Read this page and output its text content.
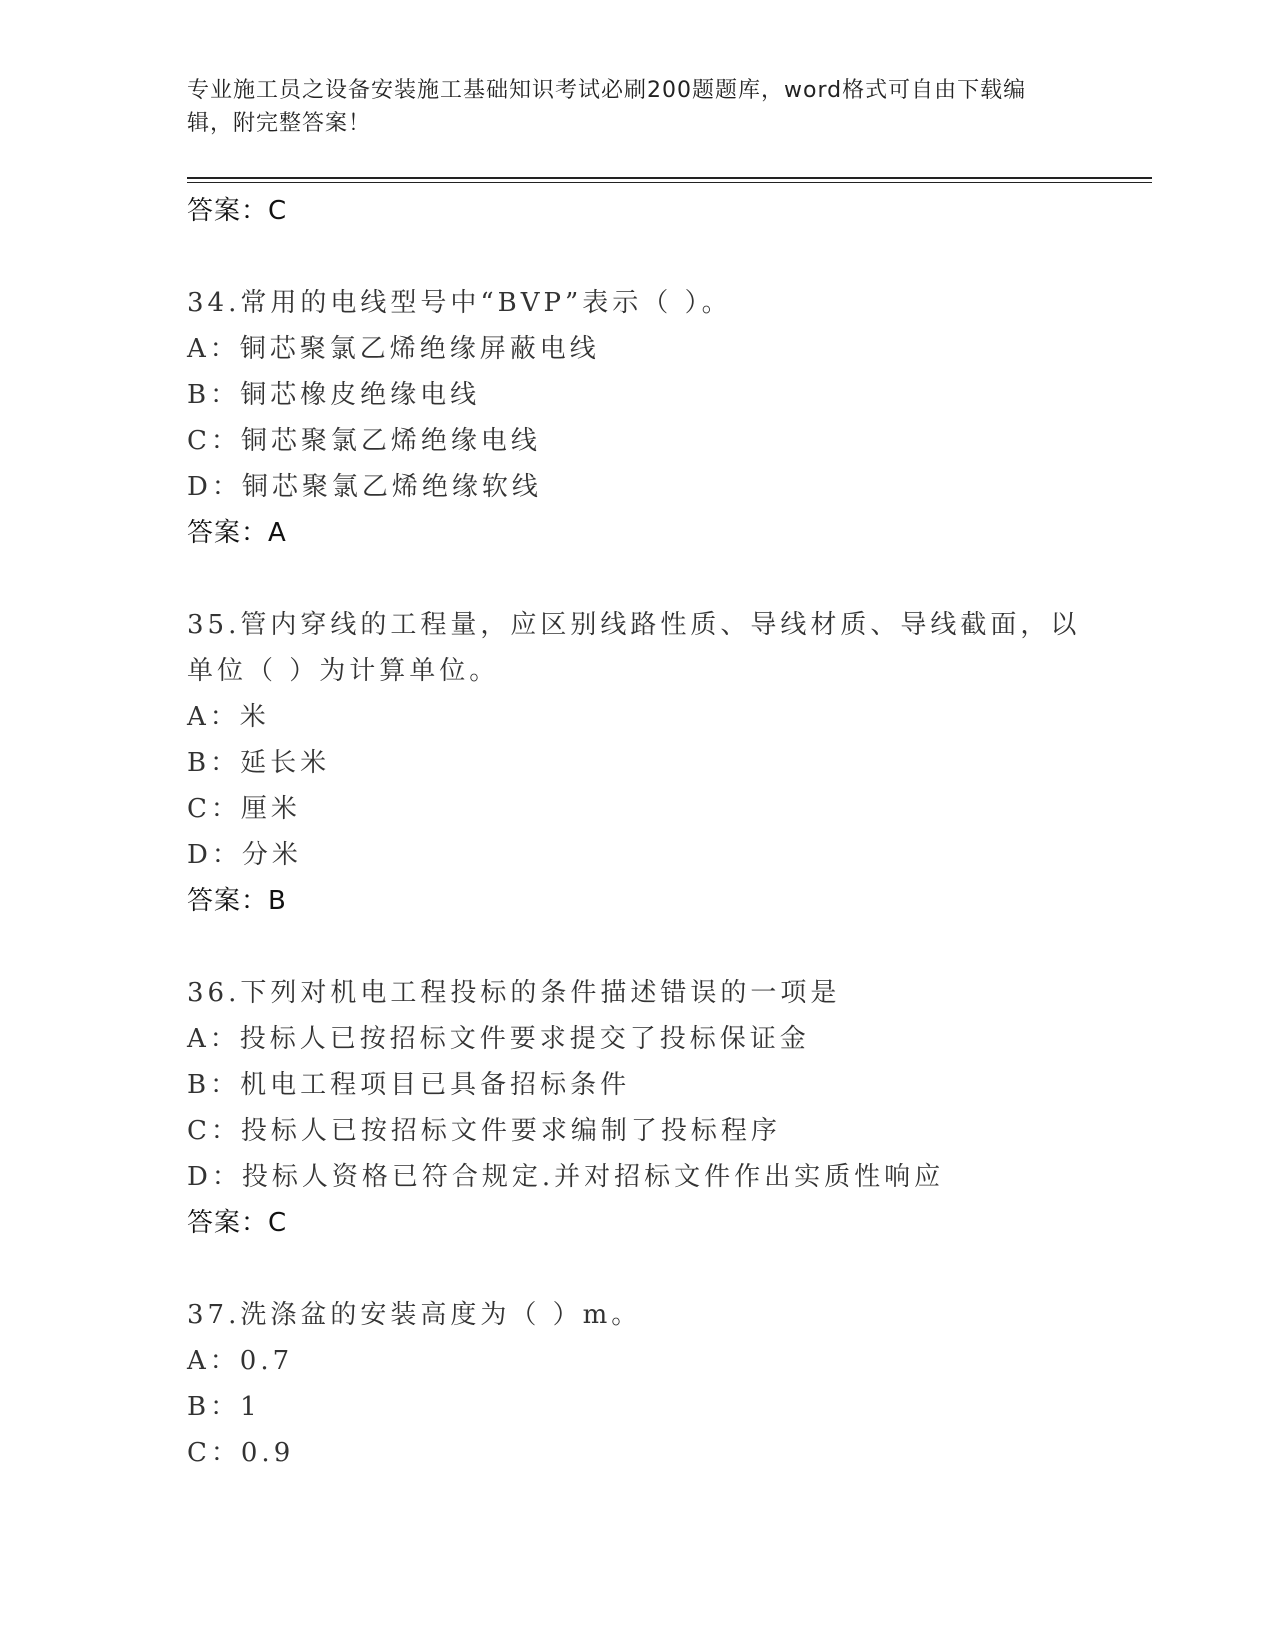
专业施工员之设备安装施工基础知识考试必刷200题题库，word格式可自由下载编辑，附完整答案！
答案：C
34.常用的电线型号中“BVP”表示（ ）。
A：铜芯聚氯乙烯绝缘屏蔽电线
B：铜芯橡皮绝缘电线
C：铜芯聚氯乙烯绝缘电线
D：铜芯聚氯乙烯绝缘软线
答案：A
35.管内穿线的工程量，应区别线路性质、导线材质、导线截面，以单位（ ）为计算单位。
A：米
B：延长米
C：厘米
D：分米
答案：B
36.下列对机电工程投标的条件描述错误的一项是
A：投标人已按招标文件要求提交了投标保证金
B：机电工程项目已具备招标条件
C：投标人已按招标文件要求编制了投标程序
D：投标人资格已符合规定.并对招标文件作出实质性响应
答案：C
37.洗涤盆的安装高度为（ ）m。
A：0.7
B：1
C：0.9
